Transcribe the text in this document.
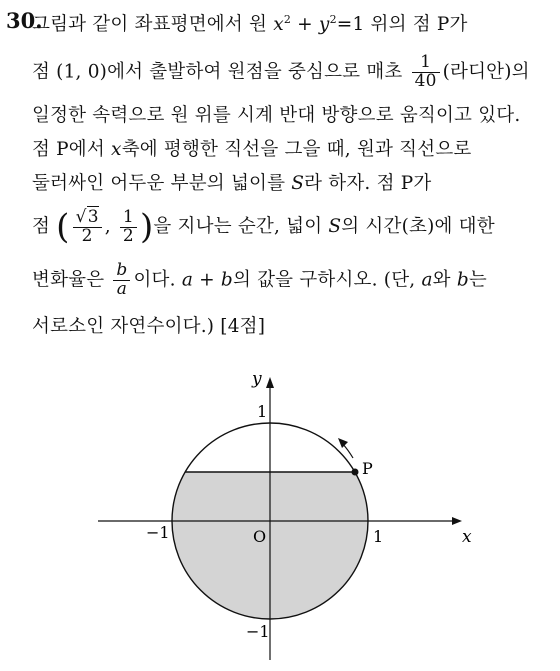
30.
그림과 같이 좌표평면에서 원 $x^2 + y^2=1$ 위의 점 P가
점 (1, 0)에서 출발하여 원점을 중심으로 매초 $\frac{1}{40}$ (라디안)의
일정한 속력으로 원 위를 시계 반대 방향으로 움직이고 있다.
점 P에서 x축에 평행한 직선을 그을 때, 원과 직선으로
둘러싸인 어두운 부분의 넓이를 S라 하자. 점 P가
점 ( $\frac{√3}{2}$ , $\frac{1}{2}$ )을 지나는 순간, 넓이 S의 시간(초)에 대한
변화율은 $\frac{b}{a}$ 이다. a + b의 값을 구하시오. (단, a와 b는
서로소인 자연수이다.) [4점]
y
x
O	1
−1
1
−1
P
